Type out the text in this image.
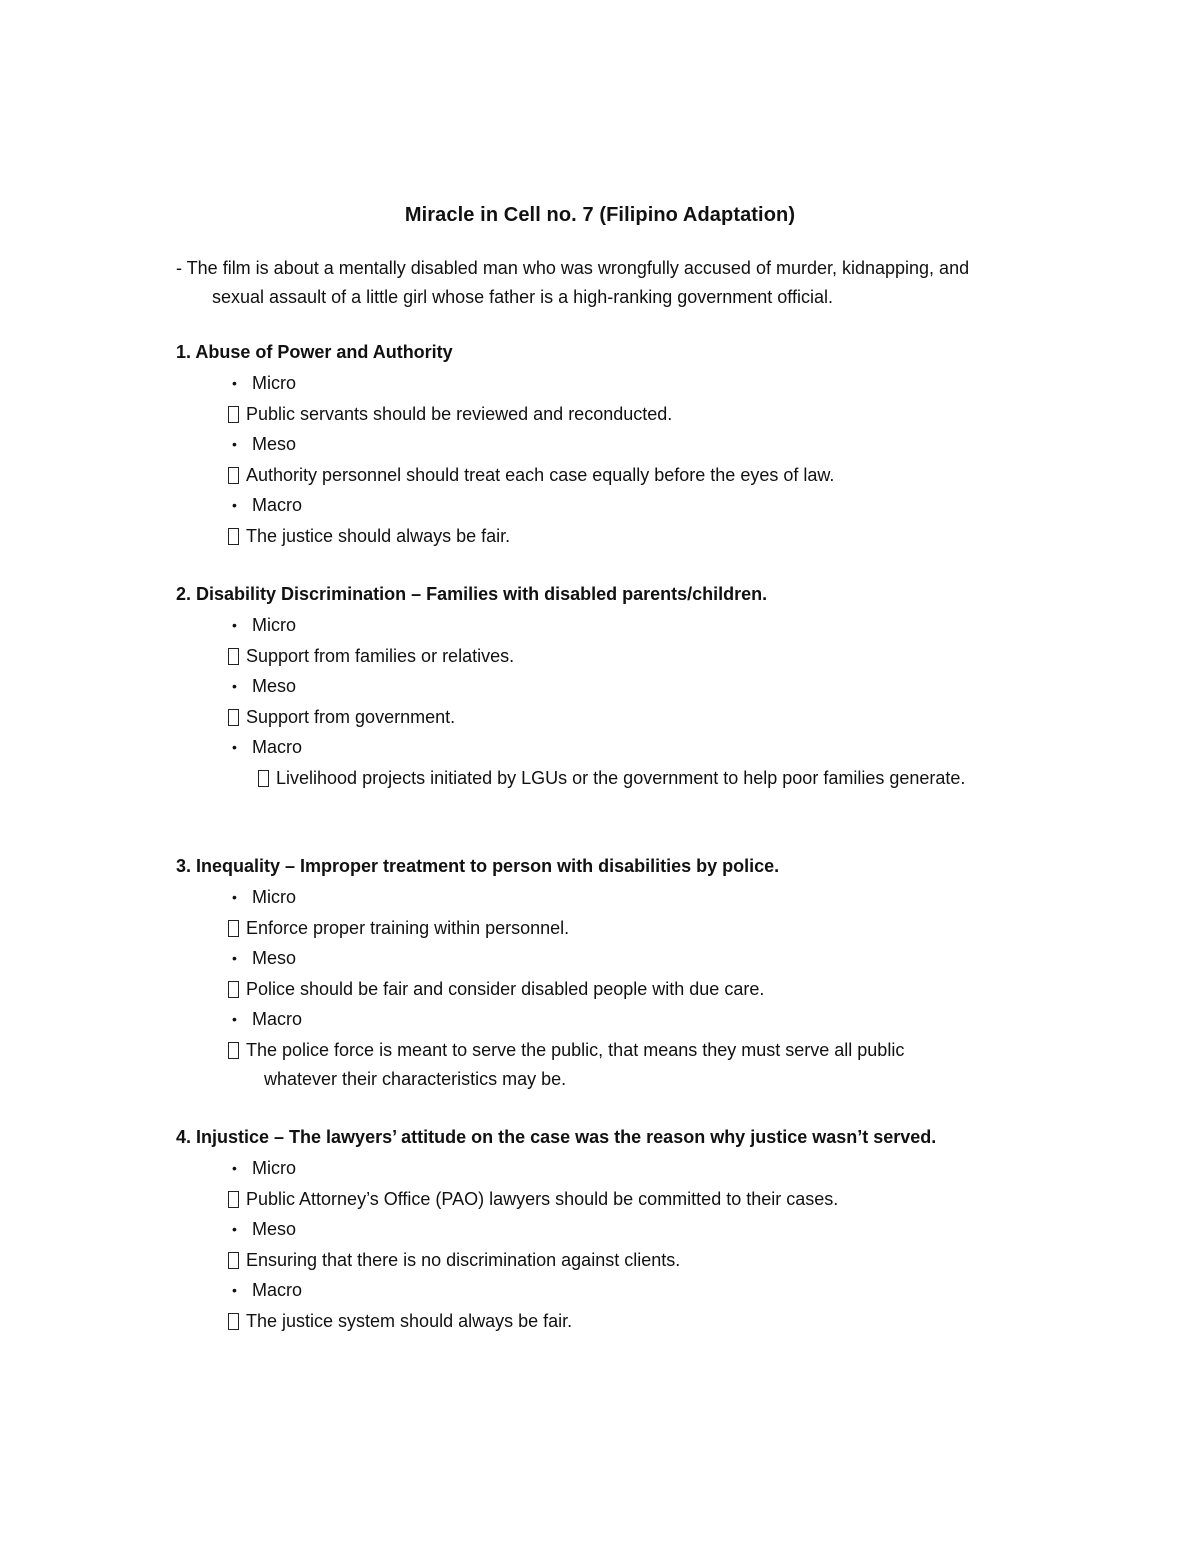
Miracle in Cell no. 7 (Filipino Adaptation)
- The film is about a mentally disabled man who was wrongfully accused of murder, kidnapping, and
sexual assault of a little girl whose father is a high-ranking government official.
1. Abuse of Power and Authority
• Micro
Public servants should be reviewed and reconducted.
• Meso
Authority personnel should treat each case equally before the eyes of law.
• Macro
The justice should always be fair.
2. Disability Discrimination – Families with disabled parents/children.
• Micro
Support from families or relatives.
• Meso
Support from government.
• Macro
Livelihood projects initiated by LGUs or the government to help poor families generate.
3. Inequality – Improper treatment to person with disabilities by police.
• Micro
Enforce proper training within personnel.
• Meso
Police should be fair and consider disabled people with due care.
• Macro
The police force is meant to serve the public, that means they must serve all public
whatever their characteristics may be.
4. Injustice – The lawyers’ attitude on the case was the reason why justice wasn’t served.
• Micro
Public Attorney’s Office (PAO) lawyers should be committed to their cases.
• Meso
Ensuring that there is no discrimination against clients.
• Macro
The justice system should always be fair.
